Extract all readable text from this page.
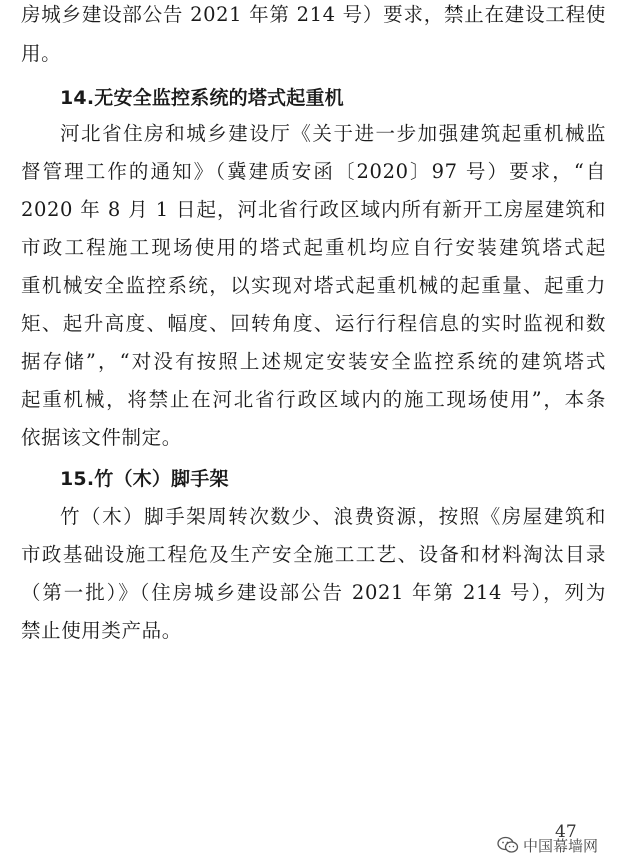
房城乡建设部公告 2021 年第 214 号）要求，禁止在建设工程使
用。
14.无安全监控系统的塔式起重机
河北省住房和城乡建设厅《关于进一步加强建筑起重机械监
督管理工作的通知》（冀建质安函〔2020〕97 号）要求，“自
2020 年 8 月 1 日起，河北省行政区域内所有新开工房屋建筑和
市政工程施工现场使用的塔式起重机均应自行安装建筑塔式起
重机械安全监控系统，以实现对塔式起重机械的起重量、起重力
矩、起升高度、幅度、回转角度、运行行程信息的实时监视和数
据存储”，“对没有按照上述规定安装安全监控系统的建筑塔式
起重机械，将禁止在河北省行政区域内的施工现场使用”，本条
依据该文件制定。
15.竹（木）脚手架
竹（木）脚手架周转次数少、浪费资源，按照《房屋建筑和
市政基础设施工程危及生产安全施工工艺、设备和材料淘汰目录
（第一批）》（住房城乡建设部公告 2021 年第 214 号），列为
禁止使用类产品。
47
中国幕墙网
